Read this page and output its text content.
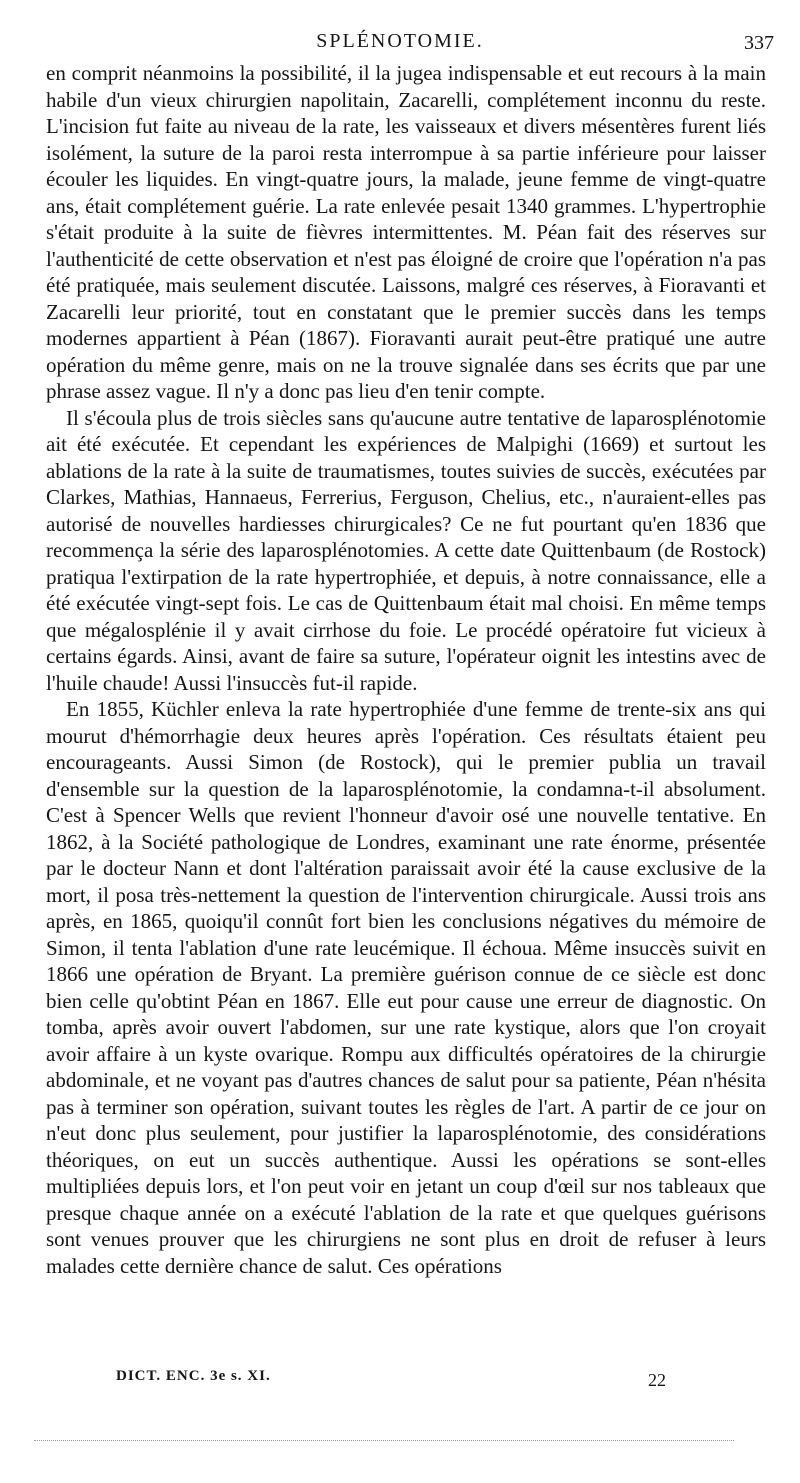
SPLÉNOTOMIE.	337

en comprit néanmoins la possibilité, il la jugea indispensable et eut recours à la main habile d'un vieux chirurgien napolitain, Zacarelli, complétement inconnu du reste. L'incision fut faite au niveau de la rate, les vaisseaux et divers mésentères furent liés isolément, la suture de la paroi resta interrompue à sa partie inférieure pour laisser écouler les liquides. En vingt-quatre jours, la malade, jeune femme de vingt-quatre ans, était complétement guérie. La rate enlevée pesait 1340 grammes. L'hypertrophie s'était produite à la suite de fièvres intermittentes. M. Péan fait des réserves sur l'authenticité de cette observation et n'est pas éloigné de croire que l'opération n'a pas été pratiquée, mais seulement discutée. Laissons, malgré ces réserves, à Fioravanti et Zacarelli leur priorité, tout en constatant que le premier succès dans les temps modernes appartient à Péan (1867). Fioravanti aurait peut-être pratiqué une autre opération du même genre, mais on ne la trouve signalée dans ses écrits que par une phrase assez vague. Il n'y a donc pas lieu d'en tenir compte.

Il s'écoula plus de trois siècles sans qu'aucune autre tentative de laparosplénotomie ait été exécutée. Et cependant les expériences de Malpighi (1669) et surtout les ablations de la rate à la suite de traumatismes, toutes suivies de succès, exécutées par Clarkes, Mathias, Hannaeus, Ferrerius, Ferguson, Chelius, etc., n'auraient-elles pas autorisé de nouvelles hardiesses chirurgicales? Ce ne fut pourtant qu'en 1836 que recommença la série des laparosplénotomies. A cette date Quittenbaum (de Rostock) pratiqua l'extirpation de la rate hypertrophiée, et depuis, à notre connaissance, elle a été exécutée vingt-sept fois. Le cas de Quittenbaum était mal choisi. En même temps que mégalosplénie il y avait cirrhose du foie. Le procédé opératoire fut vicieux à certains égards. Ainsi, avant de faire sa suture, l'opérateur oignit les intestins avec de l'huile chaude! Aussi l'insuccès fut-il rapide.

En 1855, Küchler enleva la rate hypertrophiée d'une femme de trente-six ans qui mourut d'hémorrhagie deux heures après l'opération. Ces résultats étaient peu encourageants. Aussi Simon (de Rostock), qui le premier publia un travail d'ensemble sur la question de la laparosplénotomie, la condamna-t-il absolument. C'est à Spencer Wells que revient l'honneur d'avoir osé une nouvelle tentative. En 1862, à la Société pathologique de Londres, examinant une rate énorme, présentée par le docteur Nann et dont l'altération paraissait avoir été la cause exclusive de la mort, il posa très-nettement la question de l'intervention chirurgicale. Aussi trois ans après, en 1865, quoiqu'il connût fort bien les conclusions négatives du mémoire de Simon, il tenta l'ablation d'une rate leucémique. Il échoua. Même insuccès suivit en 1866 une opération de Bryant. La première guérison connue de ce siècle est donc bien celle qu'obtint Péan en 1867. Elle eut pour cause une erreur de diagnostic. On tomba, après avoir ouvert l'abdomen, sur une rate kystique, alors que l'on croyait avoir affaire à un kyste ovarique. Rompu aux difficultés opératoires de la chirurgie abdominale, et ne voyant pas d'autres chances de salut pour sa patiente, Péan n'hésita pas à terminer son opération, suivant toutes les règles de l'art. A partir de ce jour on n'eut donc plus seulement, pour justifier la laparosplénotomie, des considérations théoriques, on eut un succès authentique. Aussi les opérations se sont-elles multipliées depuis lors, et l'on peut voir en jetant un coup d'œil sur nos tableaux que presque chaque année on a exécuté l'ablation de la rate et que quelques guérisons sont venues prouver que les chirurgiens ne sont plus en droit de refuser à leurs malades cette dernière chance de salut. Ces opérations

DICT. ENC. 3e s. XI.	22
